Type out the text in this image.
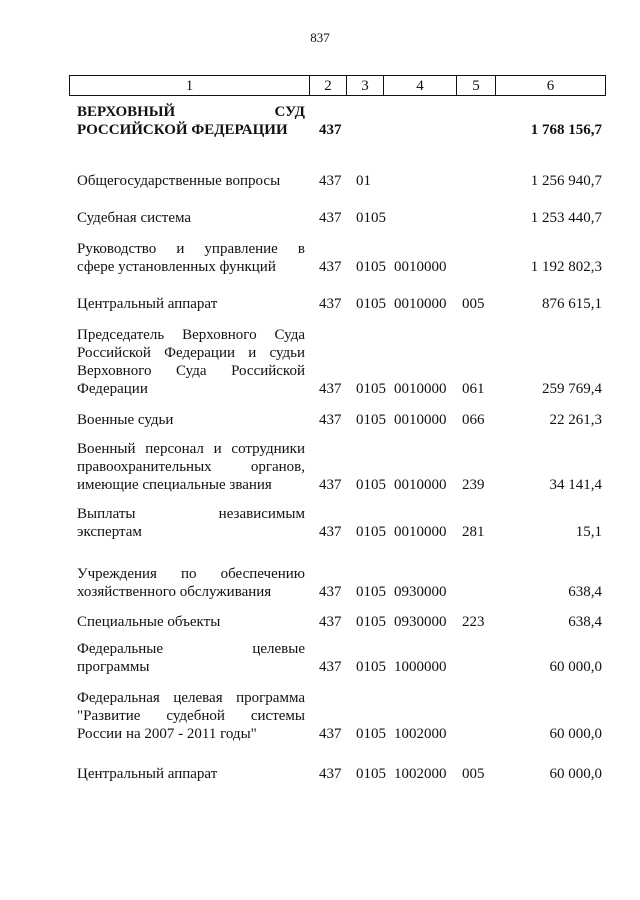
837
1	2	3	4	5	6
ВЕРХОВНЫЙ СУД
РОССИЙСКОЙ ФЕДЕРАЦИИ	437	1 768 156,7
Общегосударственные вопросы	437 01	1 256 940,7
Судебная система	437 0105	1 253 440,7
Руководство и управление в
сфере установленных функций	437 0105 0010000	1 192 802,3
Центральный аппарат	437 0105 0010000 005	876 615,1
Председатель Верховного Суда
Российской Федерации и судьи
Верховного Суда Российской
Федерации	437 0105 0010000 061	259 769,4
Военные судьи	437 0105 0010000 066	22 261,3
Военный персонал и сотрудники
правоохранительных органов,
имеющие специальные звания	437 0105 0010000 239	34 141,4
Выплаты независимым
экспертам	437 0105 0010000 281	15,1
Учреждения по обеспечению
хозяйственного обслуживания	437 0105 0930000	638,4
Специальные объекты	437 0105 0930000 223	638,4
Федеральные целевые
программы	437 0105 1000000	60 000,0
Федеральная целевая программа
"Развитие судебной системы
России на 2007 - 2011 годы"	437 0105 1002000	60 000,0
Центральный аппарат	437 0105 1002000 005	60 000,0
